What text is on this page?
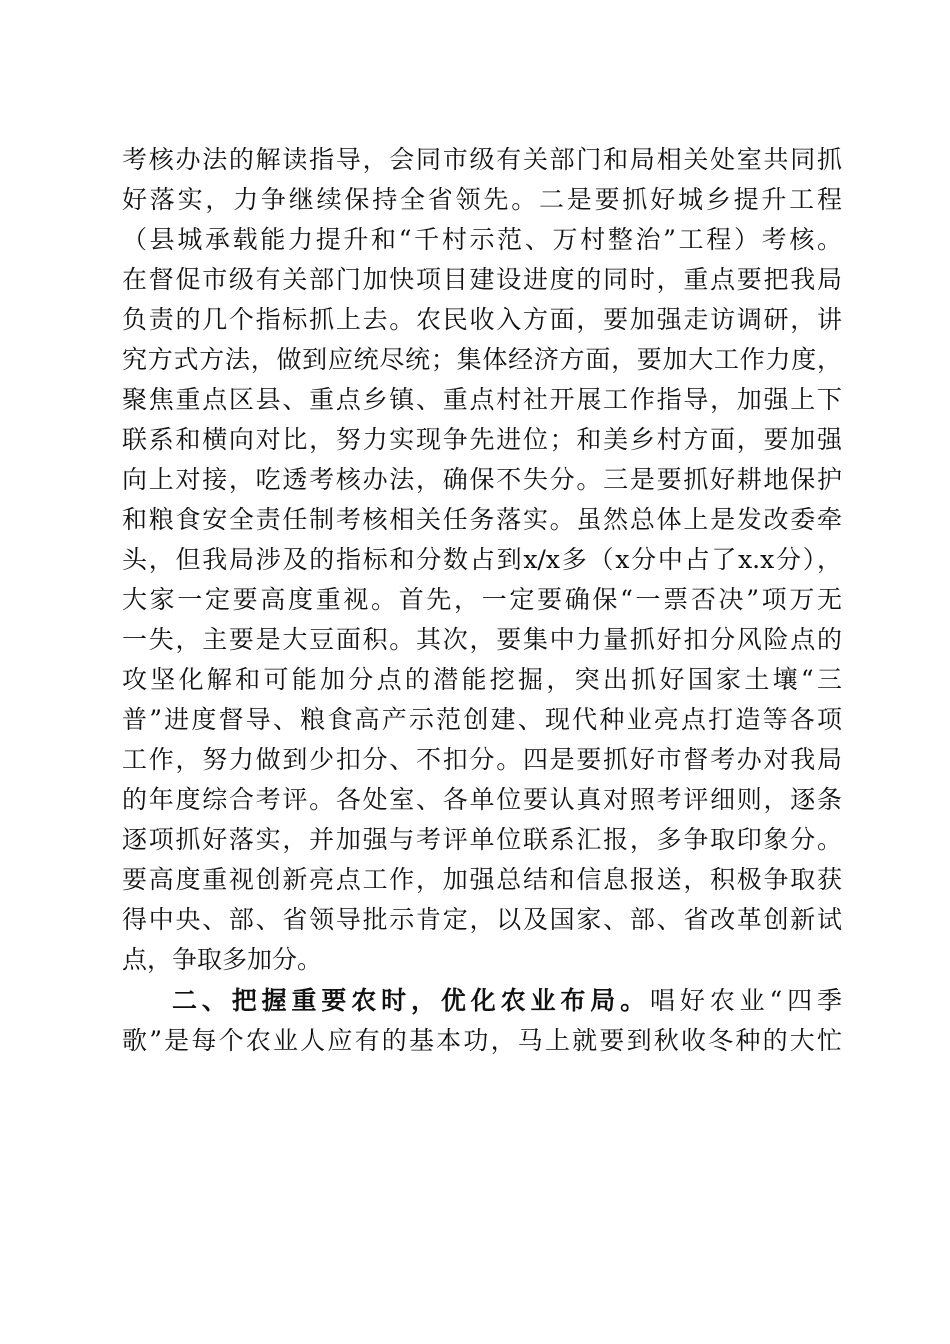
考核办法的解读指导，会同市级有关部门和局相关处室共同抓
好落实，力争继续保持全省领先。二是要抓好城乡提升工程
（县城承载能力提升和“千村示范、万村整治”工程）考核。
在督促市级有关部门加快项目建设进度的同时，重点要把我局
负责的几个指标抓上去。农民收入方面，要加强走访调研，讲
究方式方法，做到应统尽统；集体经济方面，要加大工作力度，
聚焦重点区县、重点乡镇、重点村社开展工作指导，加强上下
联系和横向对比，努力实现争先进位；和美乡村方面，要加强
向上对接，吃透考核办法，确保不失分。三是要抓好耕地保护
和粮食安全责任制考核相关任务落实。虽然总体上是发改委牵
头，但我局涉及的指标和分数占到x/x多（x分中占了x.x分），
大家一定要高度重视。首先，一定要确保“一票否决”项万无
一失，主要是大豆面积。其次，要集中力量抓好扣分风险点的
攻坚化解和可能加分点的潜能挖掘，突出抓好国家土壤“三
普”进度督导、粮食高产示范创建、现代种业亮点打造等各项
工作，努力做到少扣分、不扣分。四是要抓好市督考办对我局
的年度综合考评。各处室、各单位要认真对照考评细则，逐条
逐项抓好落实，并加强与考评单位联系汇报，多争取印象分。
要高度重视创新亮点工作，加强总结和信息报送，积极争取获
得中央、部、省领导批示肯定，以及国家、部、省改革创新试
点，争取多加分。
二、把握重要农时，优化农业布局。唱好农业“四季
歌”是每个农业人应有的基本功，马上就要到秋收冬种的大忙
